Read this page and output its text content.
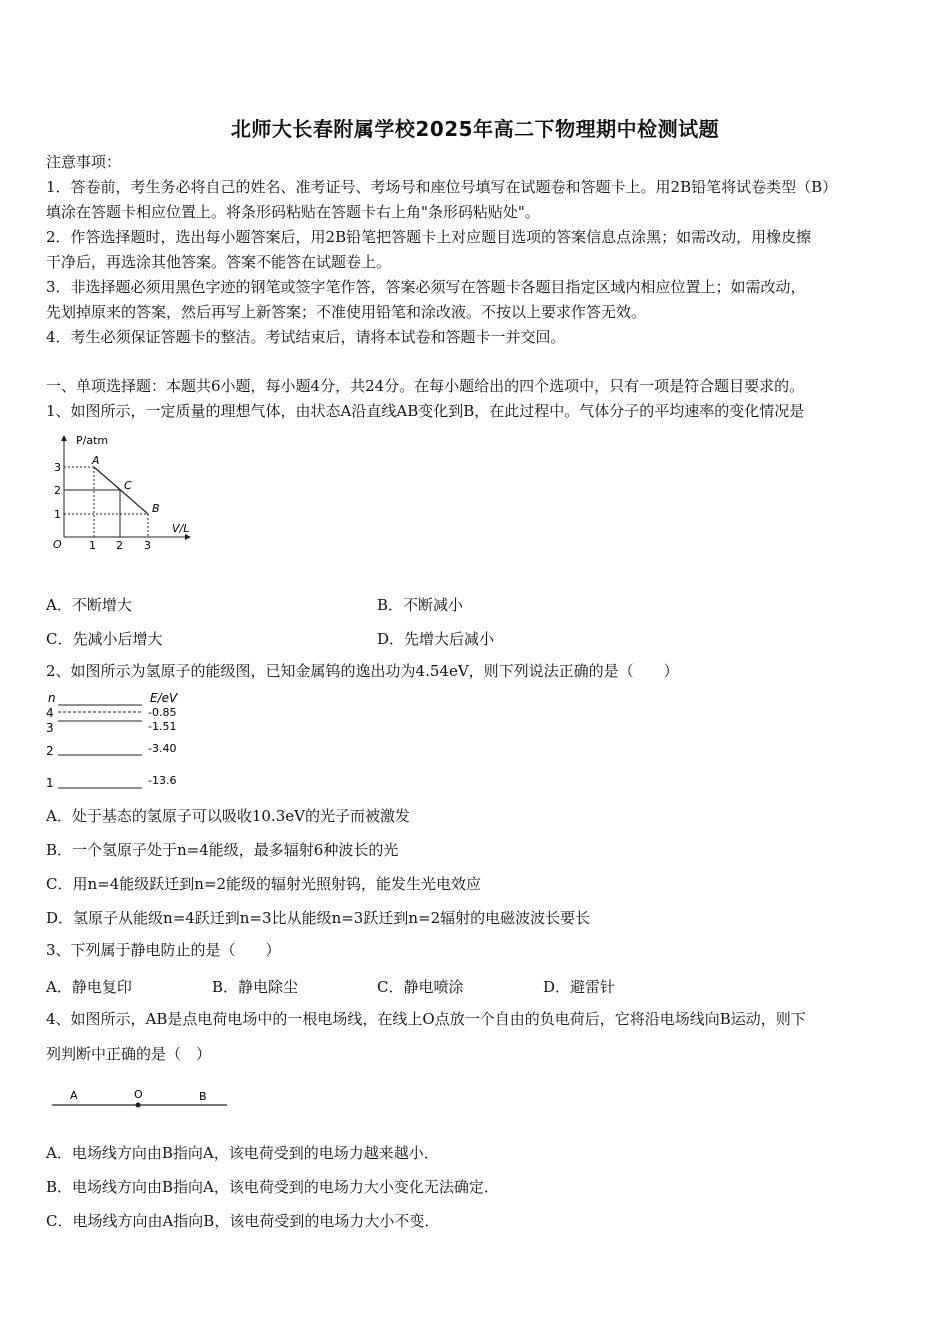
北师大长春附属学校2025年高二下物理期中检测试题
注意事项：
1．答卷前，考生务必将自己的姓名、准考证号、考场号和座位号填写在试题卷和答题卡上。用2B铅笔将试卷类型（B）
填涂在答题卡相应位置上。将条形码粘贴在答题卡右上角"条形码粘贴处"。
2．作答选择题时，选出每小题答案后，用2B铅笔把答题卡上对应题目选项的答案信息点涂黑；如需改动，用橡皮擦
干净后，再选涂其他答案。答案不能答在试题卷上。
3．非选择题必须用黑色字迹的钢笔或签字笔作答，答案必须写在答题卡各题目指定区域内相应位置上；如需改动，
先划掉原来的答案，然后再写上新答案；不准使用铅笔和涂改液。不按以上要求作答无效。
4．考生必须保证答题卡的整洁。考试结束后，请将本试卷和答题卡一并交回。
一、单项选择题：本题共6小题，每小题4分，共24分。在每小题给出的四个选项中，只有一项是符合题目要求的。
1、如图所示，一定质量的理想气体，由状态A沿直线AB变化到B，在此过程中。气体分子的平均速率的变化情况是
P/atm
V/L
O
3
2
1
1 2 3
A
C
B
A．不断增大	B．不断减小
C．先减小后增大	D．先增大后减小
2、如图所示为氢原子的能级图，已知金属钨的逸出功为4.54eV，则下列说法正确的是（　　）
n	E/eV
4	-0.85
3	-1.51
2	-3.40
1	-13.6
A．处于基态的氢原子可以吸收10.3eV的光子而被激发
B．一个氢原子处于n=4能级，最多辐射6种波长的光
C．用n=4能级跃迁到n=2能级的辐射光照射钨，能发生光电效应
D．氢原子从能级n=4跃迁到n=3比从能级n=3跃迁到n=2辐射的电磁波波长要长
3、下列属于静电防止的是（　　）
A．静电复印	B．静电除尘	C．静电喷涂	D．避雷针
4、如图所示，AB是点电荷电场中的一根电场线，在线上O点放一个自由的负电荷后，它将沿电场线向B运动，则下
列判断中正确的是（　）
A	O	B
A．电场线方向由B指向A，该电荷受到的电场力越来越小．
B．电场线方向由B指向A，该电荷受到的电场力大小变化无法确定．
C．电场线方向由A指向B，该电荷受到的电场力大小不变．
